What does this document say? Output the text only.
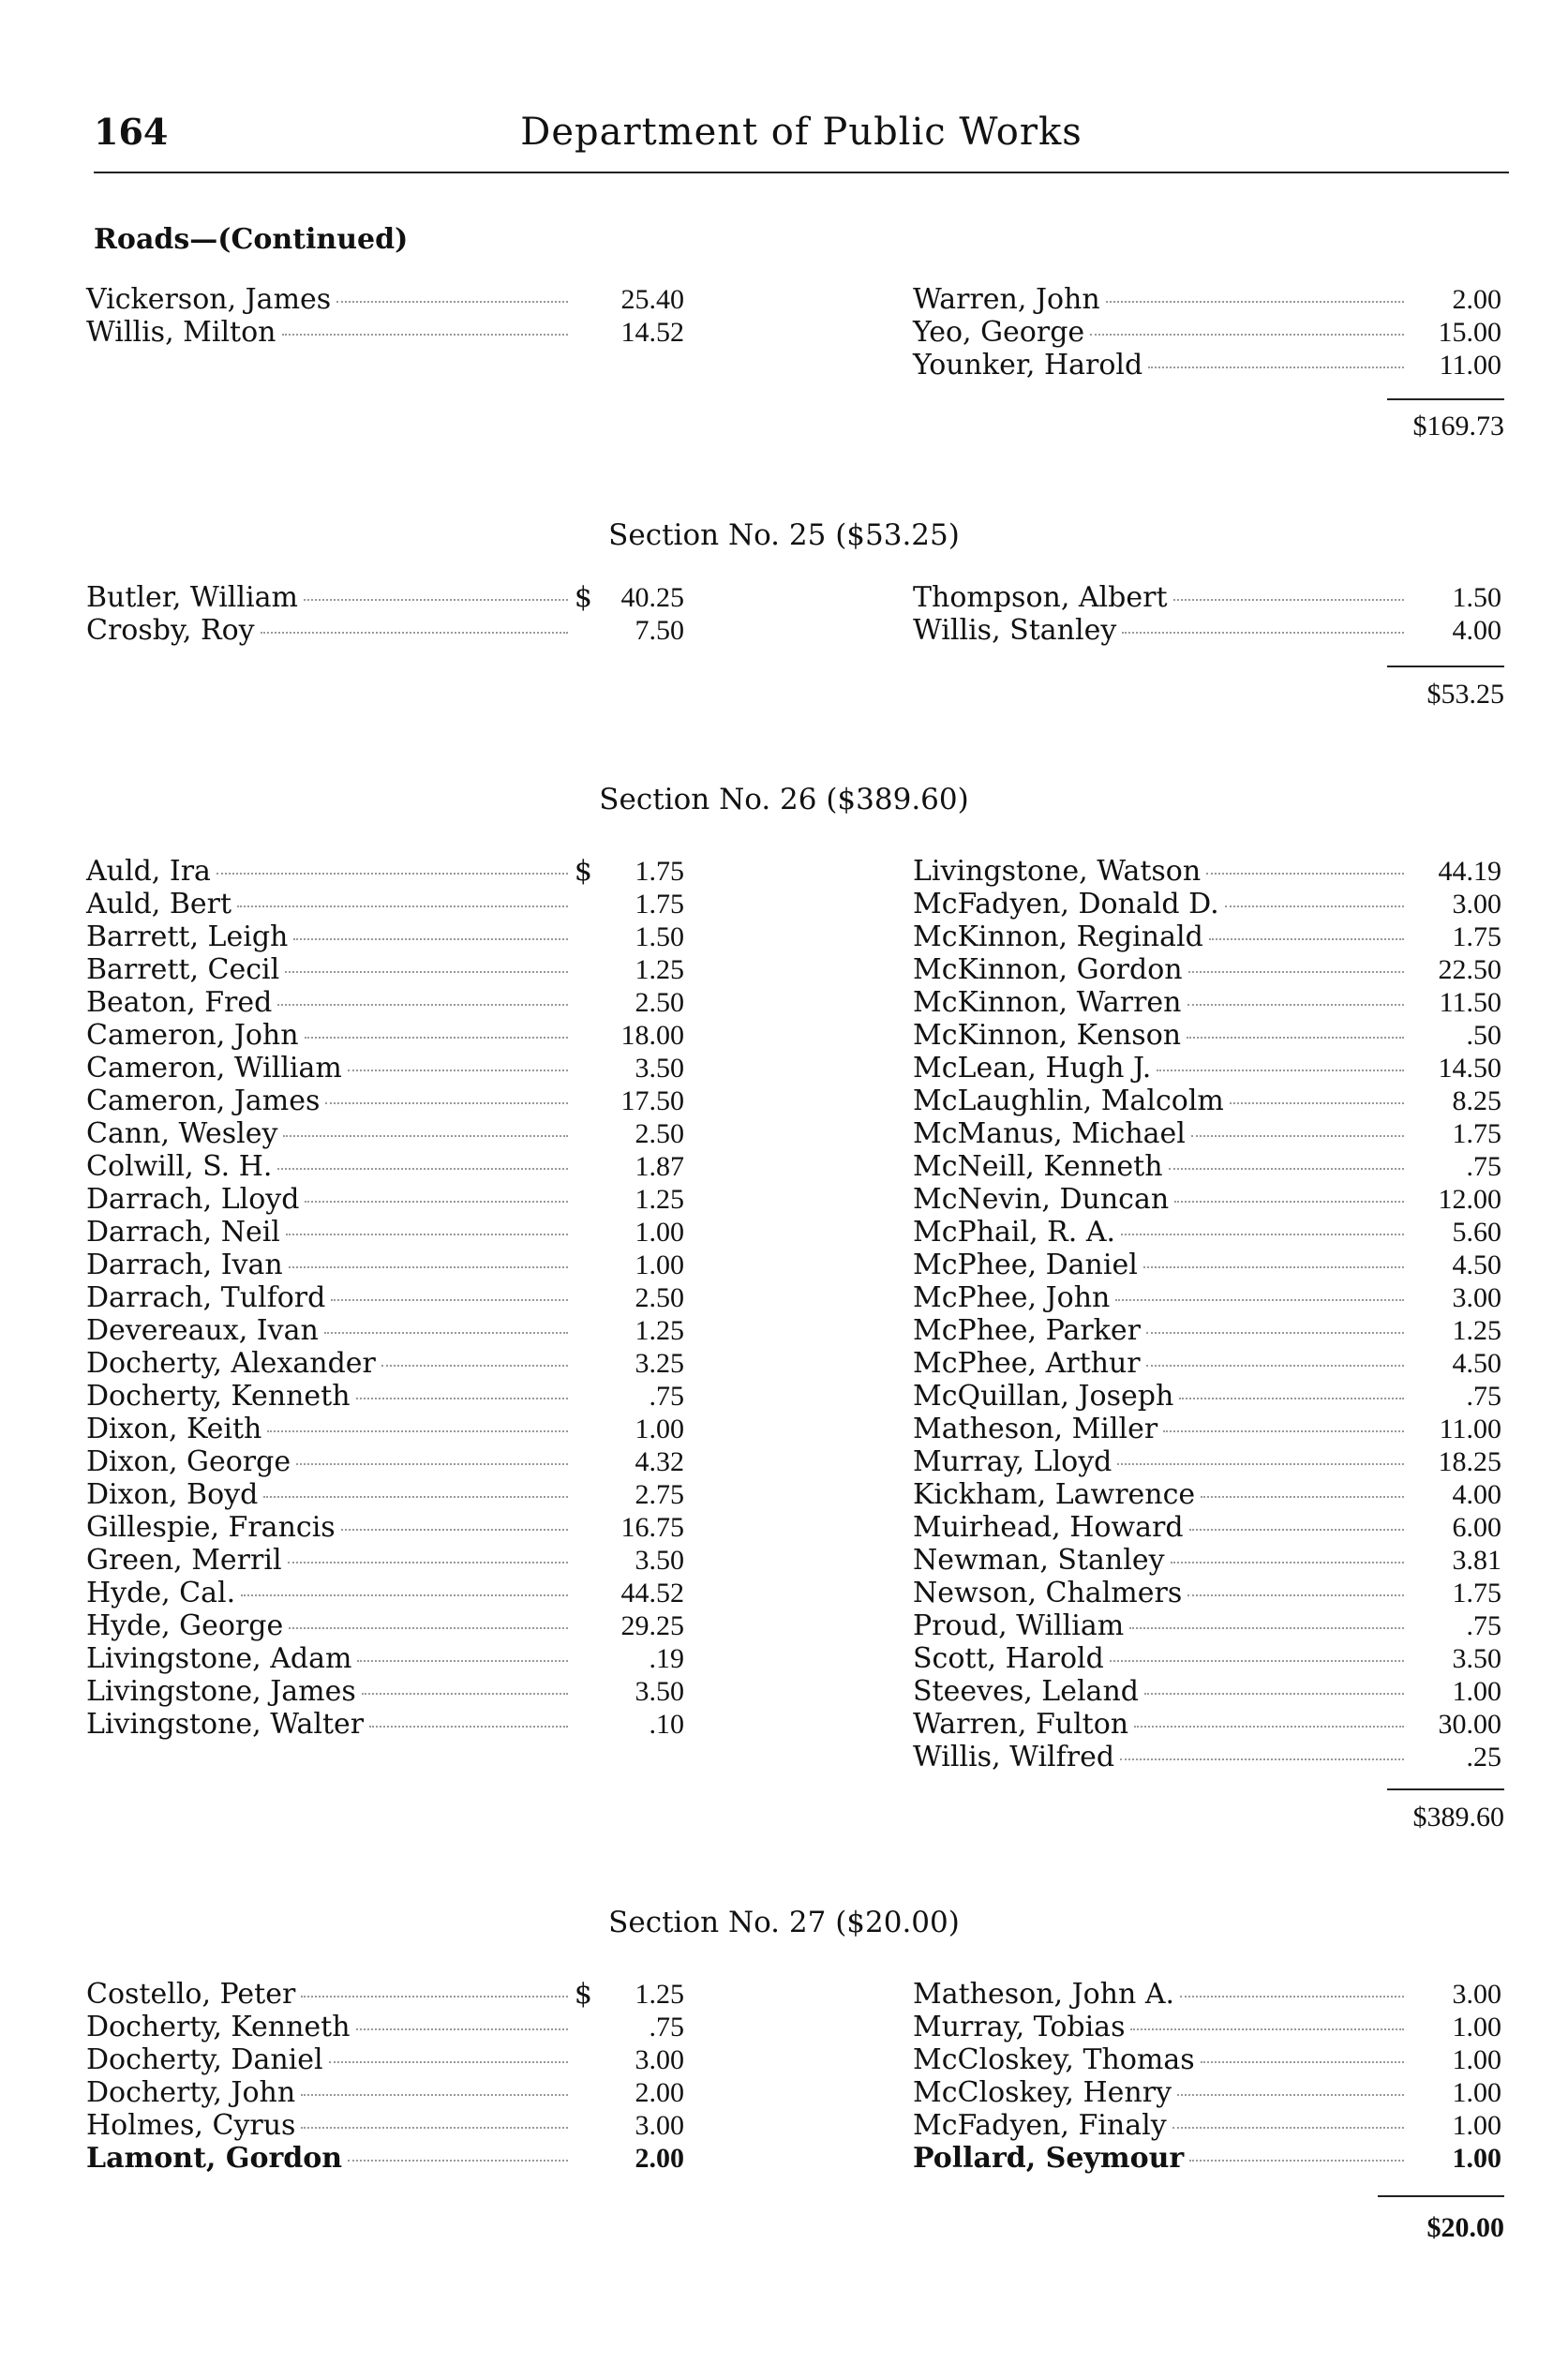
164	Department of Public Works
Roads—(Continued)
Vickerson, James	25.40
Willis, Milton	14.52
Warren, John	2.00
Yeo, George	15.00
Younker, Harold	11.00
$169.73
Section No. 25 ($53.25)
Butler, William	$	40.25
Crosby, Roy	7.50
Thompson, Albert	1.50
Willis, Stanley	4.00
$53.25
Section No. 26 ($389.60)
Auld, Ira	$	1.75
Auld, Bert	1.75
Barrett, Leigh	1.50
Barrett, Cecil	1.25
Beaton, Fred	2.50
Cameron, John	18.00
Cameron, William	3.50
Cameron, James	17.50
Cann, Wesley	2.50
Colwill, S. H.	1.87
Darrach, Lloyd	1.25
Darrach, Neil	1.00
Darrach, Ivan	1.00
Darrach, Tulford	2.50
Devereaux, Ivan	1.25
Docherty, Alexander	3.25
Docherty, Kenneth	.75
Dixon, Keith	1.00
Dixon, George	4.32
Dixon, Boyd	2.75
Gillespie, Francis	16.75
Green, Merril	3.50
Hyde, Cal.	44.52
Hyde, George	29.25
Livingstone, Adam	.19
Livingstone, James	3.50
Livingstone, Walter	.10
Livingstone, Watson	44.19
McFadyen, Donald D.	3.00
McKinnon, Reginald	1.75
McKinnon, Gordon	22.50
McKinnon, Warren	11.50
McKinnon, Kenson	.50
McLean, Hugh J.	14.50
McLaughlin, Malcolm	8.25
McManus, Michael	1.75
McNeill, Kenneth	.75
McNevin, Duncan	12.00
McPhail, R. A.	5.60
McPhee, Daniel	4.50
McPhee, John	3.00
McPhee, Parker	1.25
McPhee, Arthur	4.50
McQuillan, Joseph	.75
Matheson, Miller	11.00
Murray, Lloyd	18.25
Kickham, Lawrence	4.00
Muirhead, Howard	6.00
Newman, Stanley	3.81
Newson, Chalmers	1.75
Proud, William	.75
Scott, Harold	3.50
Steeves, Leland	1.00
Warren, Fulton	30.00
Willis, Wilfred	.25
$389.60
Section No. 27 ($20.00)
Costello, Peter	$	1.25
Docherty, Kenneth	.75
Docherty, Daniel	3.00
Docherty, John	2.00
Holmes, Cyrus	3.00
Lamont, Gordon	2.00
Matheson, John A.	3.00
Murray, Tobias	1.00
McCloskey, Thomas	1.00
McCloskey, Henry	1.00
McFadyen, Finaly	1.00
Pollard, Seymour	1.00
$20.00
